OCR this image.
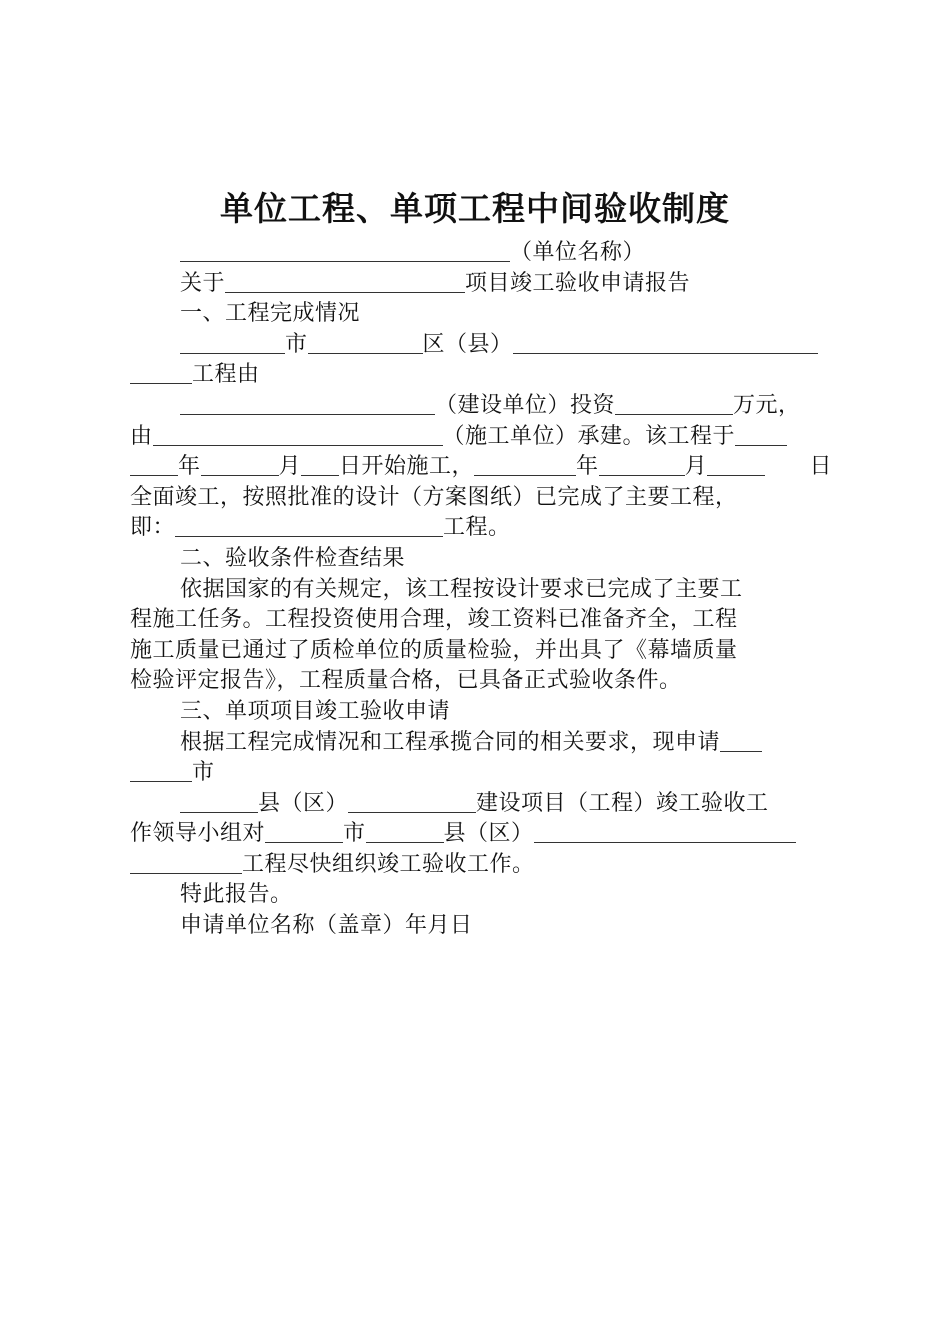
单位工程、单项工程中间验收制度
（单位名称）
关于	项目竣工验收申请报告
一、工程完成情况
市	区（县）
工程由
（建设单位）投资	万元，
由	（施工单位）承建。该工程于
年	月 日开始施工，	年	月	日
全面竣工，按照批准的设计（方案图纸）已完成了主要工程，
即：	工程。
二、验收条件检查结果
依据国家的有关规定，该工程按设计要求已完成了主要工
程施工任务。工程投资使用合理，竣工资料已准备齐全，工程
施工质量已通过了质检单位的质量检验，并出具了《幕墙质量
检验评定报告》，工程质量合格，已具备正式验收条件。
三、单项项目竣工验收申请
根据工程完成情况和工程承揽合同的相关要求，现申请
市
县（区）	建设项目（工程）竣工验收工
作领导小组对	市	县（区）
工程尽快组织竣工验收工作。
特此报告。
申请单位名称（盖章）年月日
